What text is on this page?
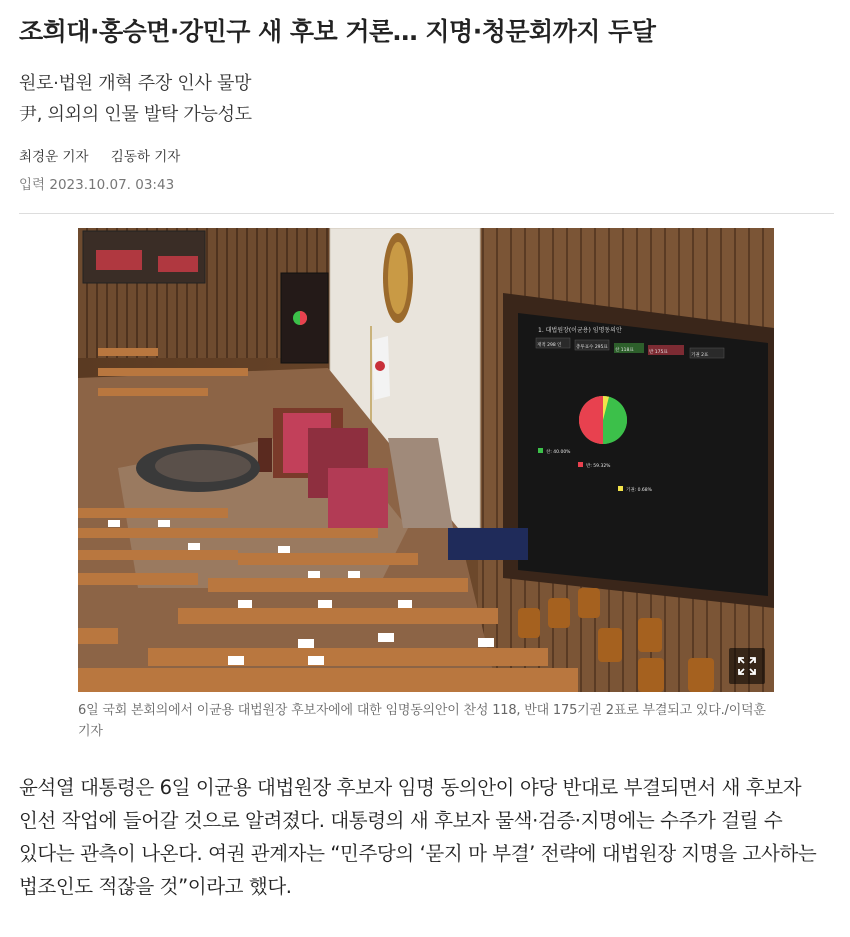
조희대·홍승면·강민구 새 후보 거론… 지명·청문회까지 두달
원로·법원 개혁 주장 인사 물망
尹, 의외의 인물 발탁 가능성도
최경운 기자 김동하 기자
입력 2023.10.07. 03:43
1. 대법원장(이균용) 임명동의안
재적 298 인	총투표수 295표
찬 118표	반 175표
기권 2표
찬: 40.00%
반: 59.32%
기권: 0.68%

6일 국회 본회의에서 이균용 대법원장 후보자에에 대한 임명동의안이 찬성 118, 반대 175기권 2표로 부결되고 있다./이덕훈 기자

윤석열 대통령은 6일 이균용 대법원장 후보자 임명 동의안이 야당 반대로 부결되면서 새 후보자 인선 작업에 들어갈 것으로 알려졌다. 대통령의 새 후보자 물색·검증·지명에는 수주가 걸릴 수 있다는 관측이 나온다. 여권 관계자는 “민주당의 ‘묻지 마 부결’ 전략에 대법원장 지명을 고사하는 법조인도 적잖을 것”이라고 했다.
